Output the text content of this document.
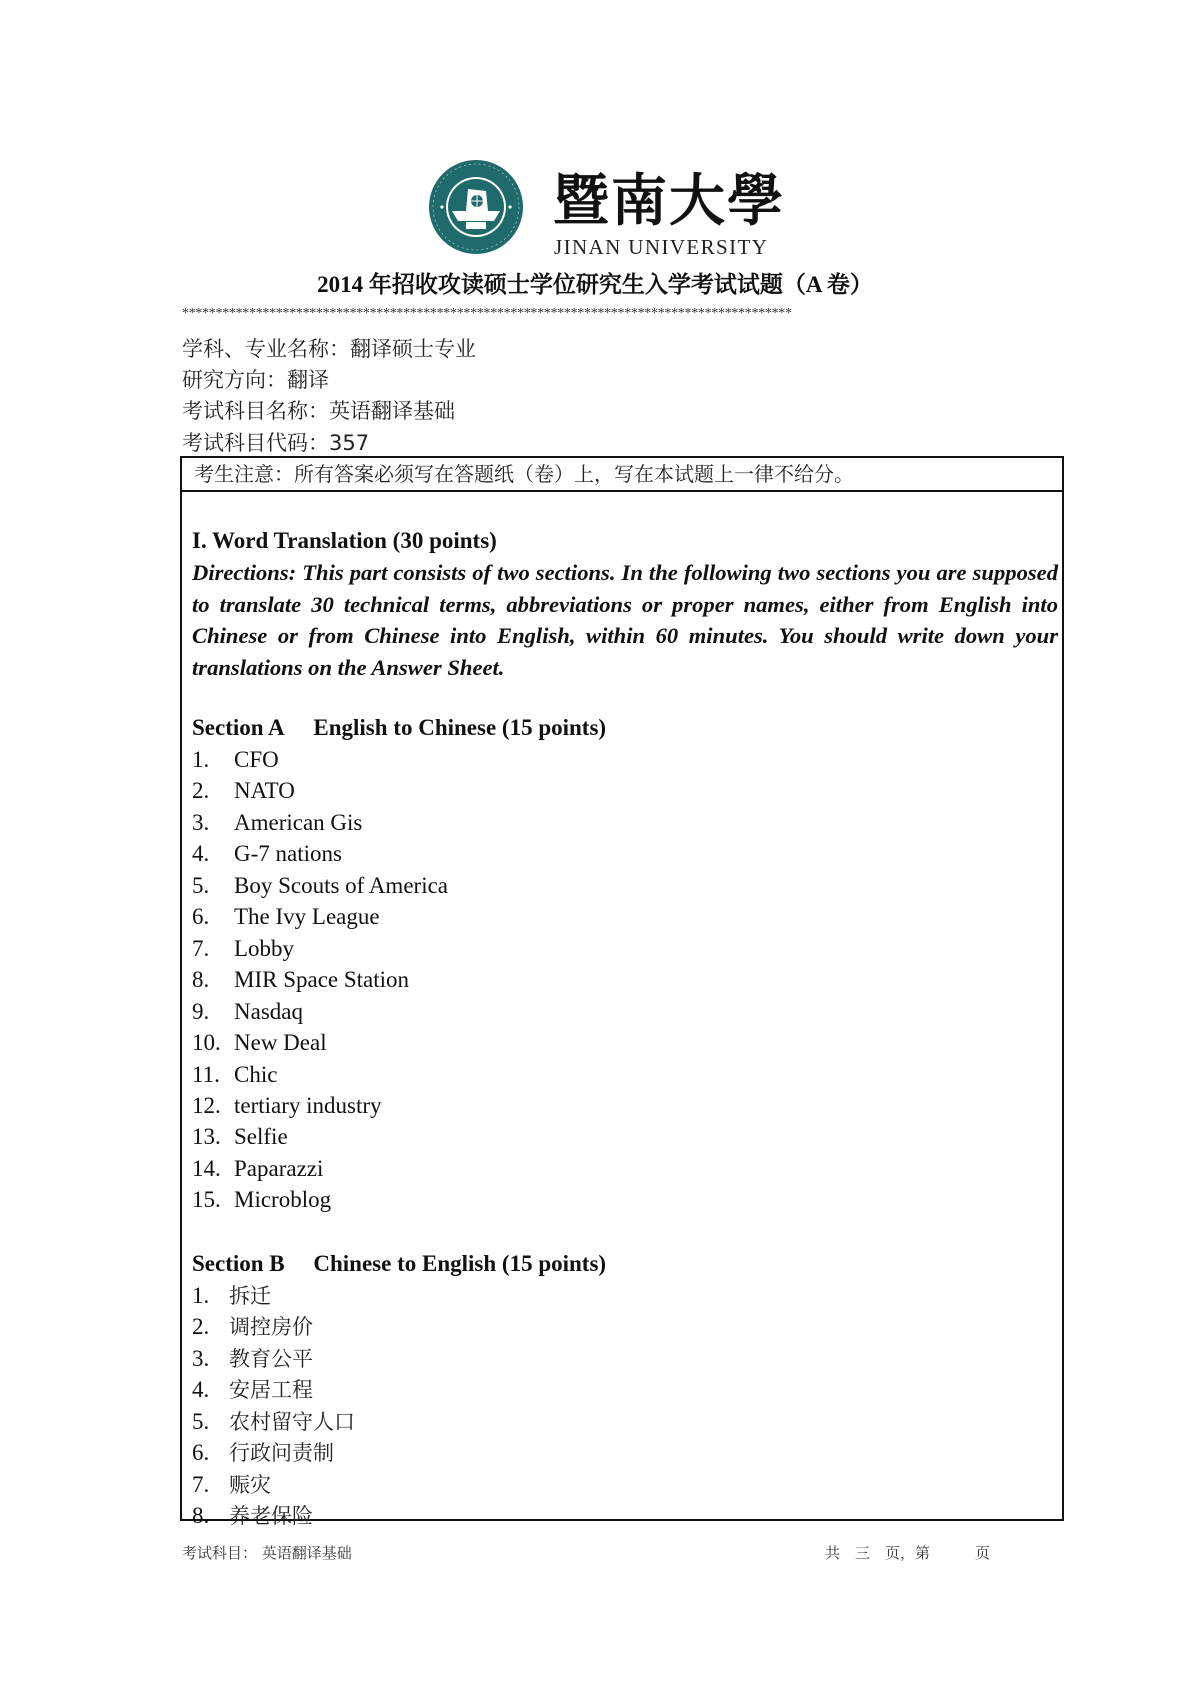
暨南大學
JINAN UNIVERSITY
2014 年招收攻读硕士学位研究生入学考试试题（A 卷）
*******************************************************************************************
学科、专业名称：翻译硕士专业
研究方向：翻译
考试科目名称：英语翻译基础
考试科目代码：357
考生注意：所有答案必须写在答题纸（卷）上，写在本试题上一律不给分。
I. Word Translation (30 points)
Directions: This part consists of two sections. In the following two sections you are supposed to translate 30 technical terms, abbreviations or proper names, either from English into Chinese or from Chinese into English, within 60 minutes. You should write down your translations on the Answer Sheet.
Section A  English to Chinese (15 points)
1. CFO
2. NATO
3. American Gis
4. G-7 nations
5. Boy Scouts of America
6. The Ivy League
7. Lobby
8. MIR Space Station
9. Nasdaq
10. New Deal
11. Chic
12. tertiary industry
13. Selfie
14. Paparazzi
15. Microblog
Section B  Chinese to English (15 points)
1. 拆迁
2. 调控房价
3. 教育公平
4. 安居工程
5. 农村留守人口
6. 行政问责制
7. 赈灾
8. 养老保险
考试科目： 英语翻译基础	共 三 页，第   页
